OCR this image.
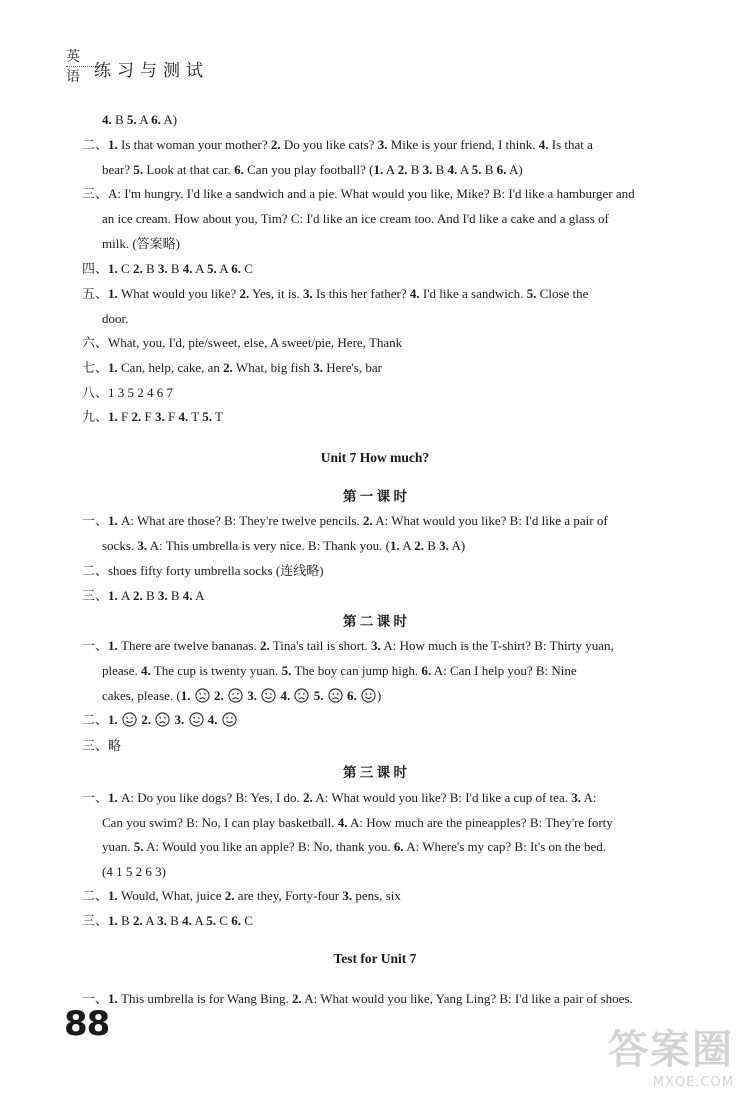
英语 练习与测试
4. B 5. A 6. A)
二、1. Is that woman your mother? 2. Do you like cats? 3. Mike is your friend, I think. 4. Is that a
bear? 5. Look at that car. 6. Can you play football? (1. A 2. B 3. B 4. A 5. B 6. A)
三、A: I'm hungry. I'd like a sandwich and a pie. What would you like, Mike? B: I'd like a hamburger and
an ice cream. How about you, Tim? C: I'd like an ice cream too. And I'd like a cake and a glass of
milk. (答案略)
四、1. C 2. B 3. B 4. A 5. A 6. C
五、1. What would you like? 2. Yes, it is. 3. Is this her father? 4. I'd like a sandwich. 5. Close the
door.
六、What, you, I'd, pie/sweet, else, A sweet/pie, Here, Thank
七、1. Can, help, cake, an 2. What, big fish 3. Here's, bar
八、1 3 5 2 4 6 7
九、1. F 2. F 3. F 4. T 5. T
一、1. A: What are those? B: They're twelve pencils. 2. A: What would you like? B: I'd like a pair of
socks. 3. A: This umbrella is very nice. B: Thank you. (1. A 2. B 3. A)
二、shoes fifty forty umbrella socks (连线略)
三、1. A 2. B 3. B 4. A
一、1. There are twelve bananas. 2. Tina's tail is short. 3. A: How much is the T-shirt? B: Thirty yuan,
please. 4. The cup is twenty yuan. 5. The boy can jump high. 6. A: Can I help you? B: Nine
三、略
一、1. A: Do you like dogs? B: Yes, I do. 2. A: What would you like? B: I'd like a cup of tea. 3. A:
Can you swim? B: No, I can play basketball. 4. A: How much are the pineapples? B: They're forty
yuan. 5. A: Would you like an apple? B: No, thank you. 6. A: Where's my cap? B: It's on the bed.
(4 1 5 2 6 3)
二、1. Would, What, juice 2. are they, Forty-four 3. pens, six
三、1. B 2. A 3. B 4. A 5. C 6. C
一、1. This umbrella is for Wang Bing. 2. A: What would you like, Yang Ling? B: I'd like a pair of shoes.
cakes, please. (1. 2. 3. 4. 5. 6. )
二、1. 2. 3. 4.
Unit 7 How much?
第 一 课 时
第 二 课 时
第 三 课 时
Test for Unit 7
88
答案圈
MXQE.COM
